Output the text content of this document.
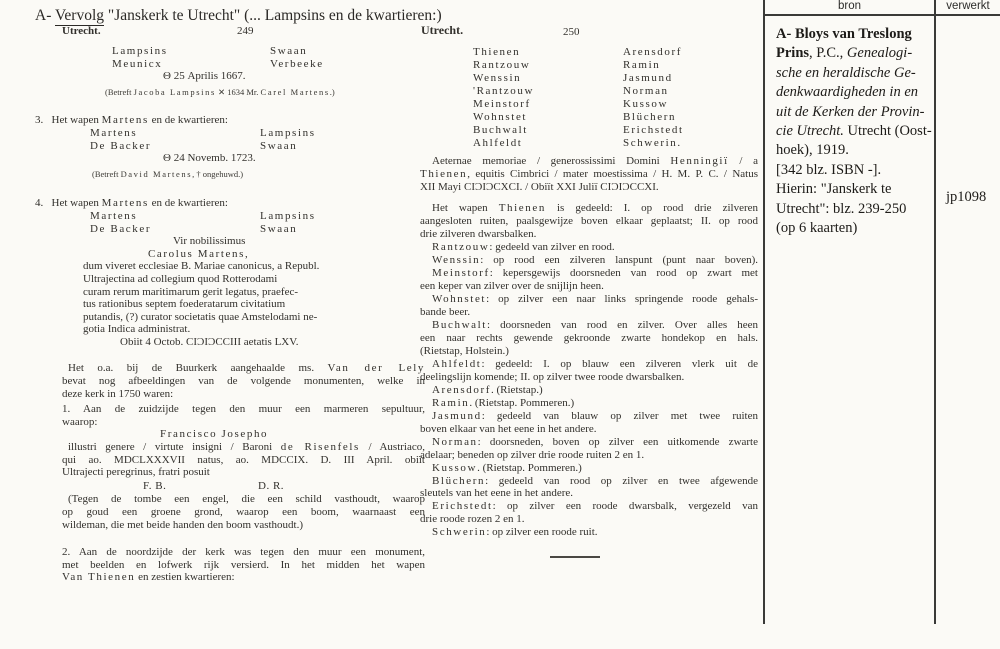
A- Vervolg "Janskerk te Utrecht" (... Lampsins en de kwartieren:)
Utrecht.	249	Utrecht.	250
Lampsins	Swaan
Meunicx	Verbeeke
Θ 25 Aprilis 1667.
(Betreft Jacoba Lampsins ✕ 1634 Mr. Carel Martens.)
3.   Het wapen Martens en de kwartieren:
Martens	Lampsins
De Backer	Swaan
Θ 24 Novemb. 1723.
(Betreft David Martens, † ongehuwd.)
4.   Het wapen Martens en de kwartieren:
Martens	Lampsins
De Backer	Swaan
Vir nobilissimus
Carolus Martens,
dum viveret ecclesiae B. Mariae canonicus, a Republ.
Ultrajectina ad collegium quod Rotterodami
curam rerum maritimarum gerit legatus, praefec-
tus rationibus septem foederatarum civitatium
putandis, (?) curator societatis quae Amstelodami ne-
gotia Indica administrat.
Obiit 4 Octob. CIƆIƆCCIII aetatis LXV.
Het o.a. bij de Buurkerk aangehaalde ms. Van der Lely
bevat nog afbeeldingen van de volgende monumenten, welke in
deze kerk in 1750 waren:
1. Aan de zuidzijde tegen den muur een marmeren sepultuur,
waarop:
Francisco Josepho
illustri genere / virtute insigni / Baroni de Risenfels / Austriaco,
qui ao. MDCLXXXVII natus, ao. MDCCIX. D. III April. obiït
Ultrajecti peregrinus, fratri posuit
F. B.	D. R.
(Tegen de tombe een engel, die een schild vasthoudt, waarop
op goud een groene grond, waarop een boom, waarnaast een
wildeman, die met beide handen den boom vasthoudt.)
2. Aan de noordzijde der kerk was tegen den muur een monument,
met beelden en lofwerk rijk versierd. In het midden het wapen
Van Thienen en zestien kwartieren:
Thienen	Arensdorf
Rantzouw	Ramin
Wenssin	Jasmund
'Rantzouw	Norman
Meinstorf	Kussow
Wohnstet	Blüchern
Buchwalt	Erichstedt
Ahlfeldt	Schwerin.
Aeternae memoriae / generossissimi Domini Henningiï / a
Thienen, equitis Cimbrici / mater moestissima / H. M. P. C. / Natus
XII Mayi CIƆIƆCXCI. / Obiït XXI Juliï CIƆIƆCCXI.
Het wapen Thienen is gedeeld: I. op rood drie zilveren
aangesloten ruiten, paalsgewijze boven elkaar geplaatst; II. op rood
drie zilveren dwarsbalken.
Rantzouw: gedeeld van zilver en rood.
Wenssin: op rood een zilveren lanspunt (punt naar boven).
Meinstorf: kepersgewijs doorsneden van rood op zwart met
een keper van zilver over de snijlijn heen.
Wohnstet: op zilver een naar links springende roode gehals-
bande beer.
Buchwalt: doorsneden van rood en zilver. Over alles heen
een naar rechts gewende gekroonde zwarte hondekop en hals.
(Rietstap, Holstein.)
Ahlfeldt: gedeeld: I. op blauw een zilveren vlerk uit de
deelingslijn komende; II. op zilver twee roode dwarsbalken.
Arensdorf. (Rietstap.)
Ramin. (Rietstap. Pommeren.)
Jasmund: gedeeld van blauw op zilver met twee ruiten
boven elkaar van het eene in het andere.
Norman: doorsneden, boven op zilver een uitkomende zwarte
adelaar; beneden op zilver drie roode ruiten 2 en 1.
Kussow. (Rietstap. Pommeren.)
Blüchern: gedeeld van rood op zilver en twee afgewende
sleutels van het eene in het andere.
Erichstedt: op zilver een roode dwarsbalk, vergezeld van
drie roode rozen 2 en 1.
Schwerin: op zilver een roode ruit.
bron	verwerkt
A- Bloys van Treslong
Prins, P.C., Genealogi-
sche en heraldische Ge-
denkwaardigheden in en
uit de Kerken der Provin-
cie Utrecht. Utrecht (Oost-
hoek), 1919.
[342 blz. ISBN -].
Hierin: "Janskerk te
Utrecht": blz. 239-250
(op 6 kaarten)
jp1098
